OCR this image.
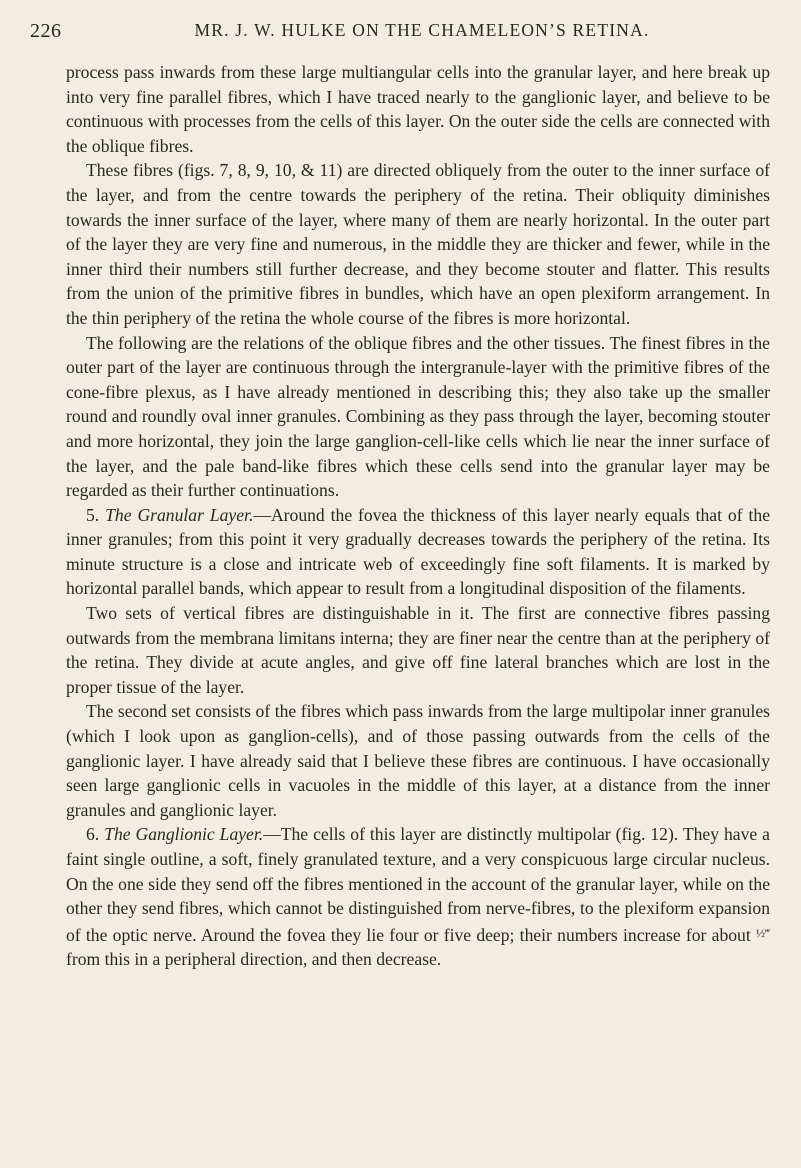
226	MR. J. W. HULKE ON THE CHAMELEON’S RETINA.

process pass inwards from these large multiangular cells into the granular layer, and here break up into very fine parallel fibres, which I have traced nearly to the ganglionic layer, and believe to be continuous with processes from the cells of this layer. On the outer side the cells are connected with the oblique fibres.

These fibres (figs. 7, 8, 9, 10, & 11) are directed obliquely from the outer to the inner surface of the layer, and from the centre towards the periphery of the retina. Their obliquity diminishes towards the inner surface of the layer, where many of them are nearly horizontal. In the outer part of the layer they are very fine and numerous, in the middle they are thicker and fewer, while in the inner third their numbers still further decrease, and they become stouter and flatter. This results from the union of the primitive fibres in bundles, which have an open plexiform arrangement. In the thin periphery of the retina the whole course of the fibres is more horizontal.

The following are the relations of the oblique fibres and the other tissues. The finest fibres in the outer part of the layer are continuous through the intergranule-layer with the primitive fibres of the cone-fibre plexus, as I have already mentioned in describing this; they also take up the smaller round and roundly oval inner granules. Combining as they pass through the layer, becoming stouter and more horizontal, they join the large ganglion-cell-like cells which lie near the inner surface of the layer, and the pale band-like fibres which these cells send into the granular layer may be regarded as their further continuations.

5. The Granular Layer.—Around the fovea the thickness of this layer nearly equals that of the inner granules; from this point it very gradually decreases towards the periphery of the retina. Its minute structure is a close and intricate web of exceedingly fine soft filaments. It is marked by horizontal parallel bands, which appear to result from a longitudinal disposition of the filaments.

Two sets of vertical fibres are distinguishable in it. The first are connective fibres passing outwards from the membrana limitans interna; they are finer near the centre than at the periphery of the retina. They divide at acute angles, and give off fine lateral branches which are lost in the proper tissue of the layer.

The second set consists of the fibres which pass inwards from the large multipolar inner granules (which I look upon as ganglion-cells), and of those passing outwards from the cells of the ganglionic layer. I have already said that I believe these fibres are continuous. I have occasionally seen large ganglionic cells in vacuoles in the middle of this layer, at a distance from the inner granules and ganglionic layer.

6. The Ganglionic Layer.—The cells of this layer are distinctly multipolar (fig. 12). They have a faint single outline, a soft, finely granulated texture, and a very conspicuous large circular nucleus. On the one side they send off the fibres mentioned in the account of the granular layer, while on the other they send fibres, which cannot be distinguished from nerve-fibres, to the plexiform expansion of the optic nerve. Around the fovea they lie four or five deep; their numbers increase for about $^{\frac{1}{2}‴}$ from this in a peripheral direction, and then decrease.
